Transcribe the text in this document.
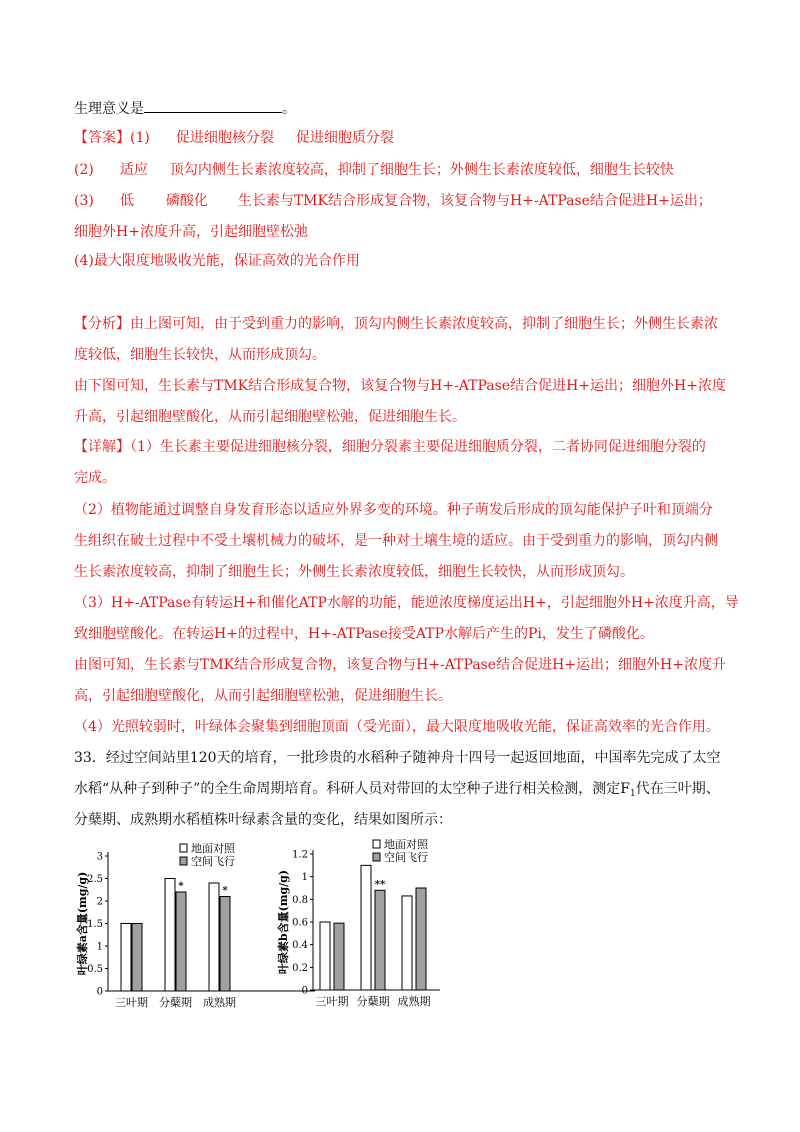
生理意义是	。
【答案】(1) 促进细胞核分裂 促进细胞质分裂
(2) 适应 顶勾内侧生长素浓度较高，抑制了细胞生长；外侧生长素浓度较低，细胞生长较快
(3) 低 磷酸化 生长素与TMK结合形成复合物，该复合物与H+-ATPase结合促进H+运出；
细胞外H+浓度升高，引起细胞壁松弛
(4)最大限度地吸收光能，保证高效的光合作用
【分析】由上图可知，由于受到重力的影响，顶勾内侧生长素浓度较高，抑制了细胞生长；外侧生长素浓
度较低，细胞生长较快，从而形成顶勾。
由下图可知，生长素与TMK结合形成复合物，该复合物与H+-ATPase结合促进H+运出；细胞外H+浓度
升高，引起细胞壁酸化，从而引起细胞壁松弛，促进细胞生长。
【详解】（1）生长素主要促进细胞核分裂，细胞分裂素主要促进细胞质分裂，二者协同促进细胞分裂的
完成。
（2）植物能通过调整自身发育形态以适应外界多变的环境。种子萌发后形成的顶勾能保护子叶和顶端分
生组织在破土过程中不受土壤机械力的破坏，是一种对土壤生境的适应。由于受到重力的影响，顶勾内侧
生长素浓度较高，抑制了细胞生长；外侧生长素浓度较低，细胞生长较快，从而形成顶勾。
（3）H+-ATPase有转运H+和催化ATP水解的功能，能逆浓度梯度运出H+，引起细胞外H+浓度升高，导
致细胞壁酸化。在转运H+的过程中，H+-ATPase接受ATP水解后产生的Pi，发生了磷酸化。
由图可知，生长素与TMK结合形成复合物，该复合物与H+-ATPase结合促进H+运出；细胞外H+浓度升
高，引起细胞壁酸化，从而引起细胞壁松弛，促进细胞生长。
（4）光照较弱时，叶绿体会聚集到细胞顶面（受光面），最大限度地吸收光能，保证高效率的光合作用。
33．经过空间站里120天的培育，一批珍贵的水稻种子随神舟十四号一起返回地面，中国率先完成了太空
水稻“从种子到种子”的全生命周期培育。科研人员对带回的太空种子进行相关检测，测定$F_1$代在三叶期、
分蘖期、成熟期水稻植株叶绿素含量的变化，结果如图所示：
0
0.5
1
1.5
2
2.5
3
叶绿素a含量(mg/g)
三叶期
*
分蘖期
*
成熟期
地面对照
空间飞行
0
0.2
0.4
0.6
0.8
1
1.2
叶绿素b含量(mg/g)
三叶期
**
分蘖期 成熟期
地面对照
空间飞行
